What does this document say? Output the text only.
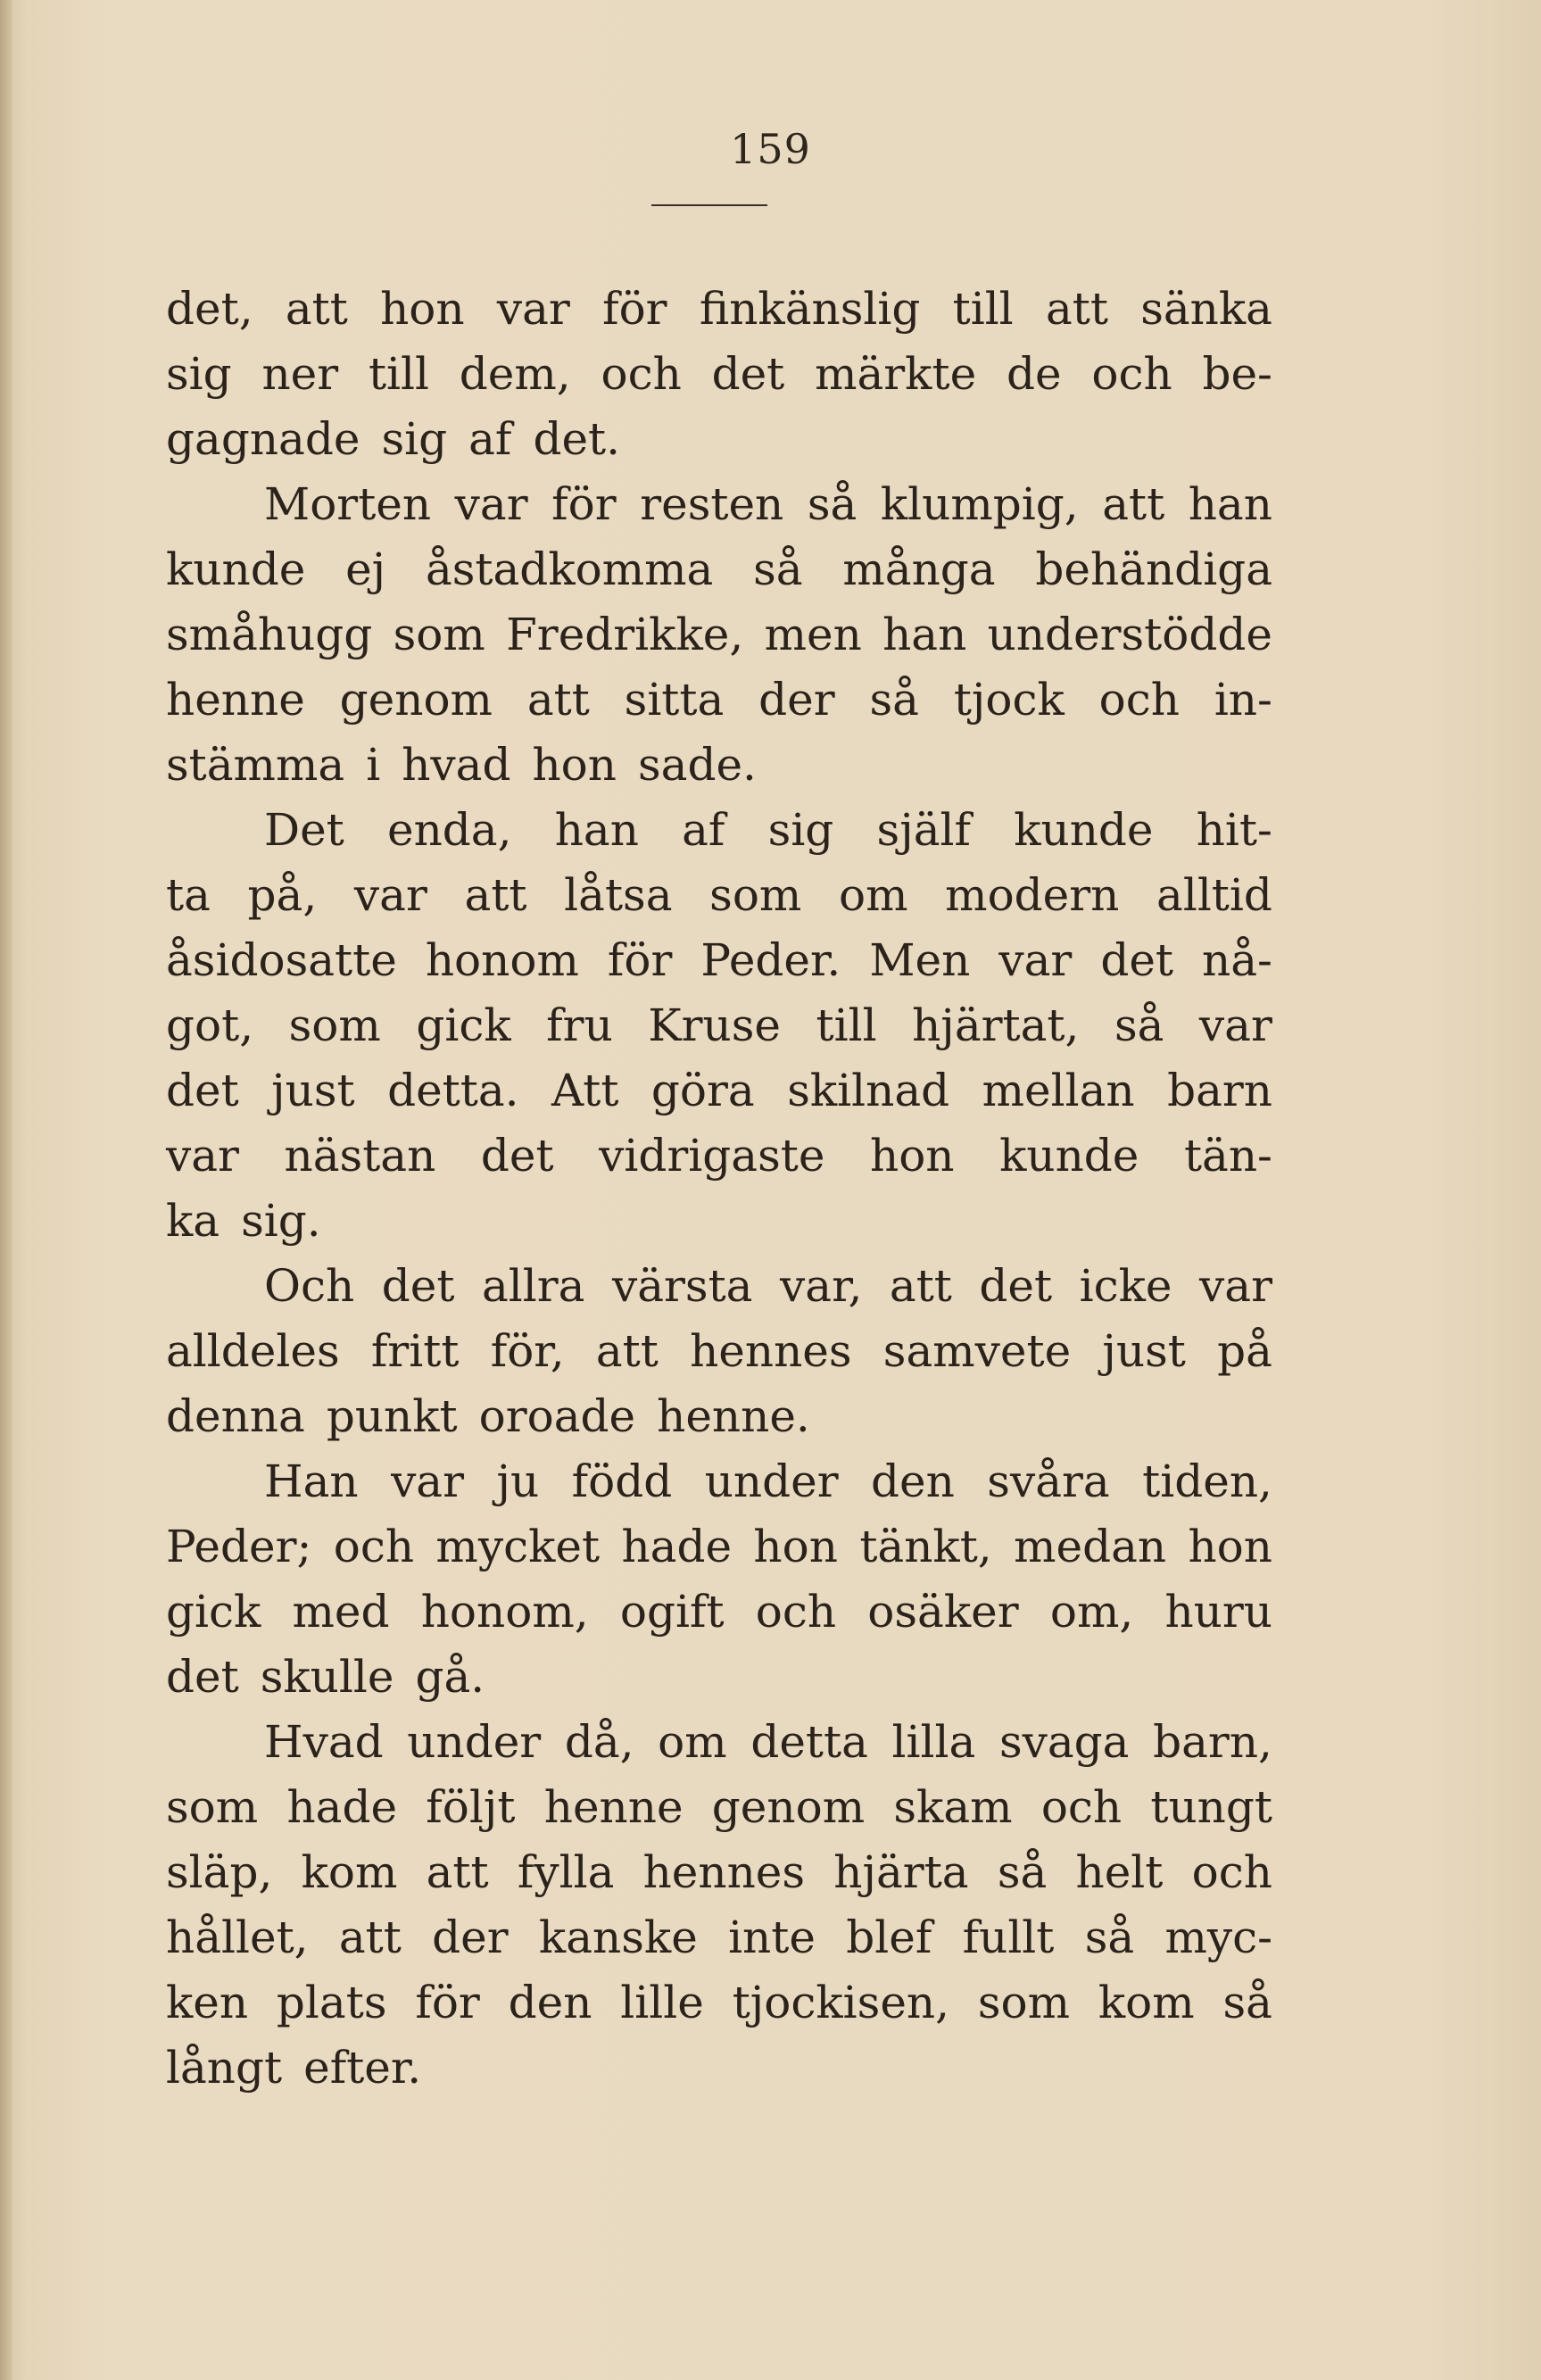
159
det, att hon var för finkänslig till att sänka
sig ner till dem, och det märkte de och be-
gagnade sig af det.
Morten var för resten så klumpig, att han
kunde ej åstadkomma så många behändiga
småhugg som Fredrikke, men han understödde
henne genom att sitta der så tjock och in-
stämma i hvad hon sade.
Det enda, han af sig själf kunde hit-
ta på, var att låtsa som om modern alltid
åsidosatte honom för Peder. Men var det nå-
got, som gick fru Kruse till hjärtat, så var
det just detta. Att göra skilnad mellan barn
var nästan det vidrigaste hon kunde tän-
ka sig.
Och det allra värsta var, att det icke var
alldeles fritt för, att hennes samvete just på
denna punkt oroade henne.
Han var ju född under den svåra tiden,
Peder; och mycket hade hon tänkt, medan hon
gick med honom, ogift och osäker om, huru
det skulle gå.
Hvad under då, om detta lilla svaga barn,
som hade följt henne genom skam och tungt
släp, kom att fylla hennes hjärta så helt och
hållet, att der kanske inte blef fullt så myc-
ken plats för den lille tjockisen, som kom så
långt efter.
